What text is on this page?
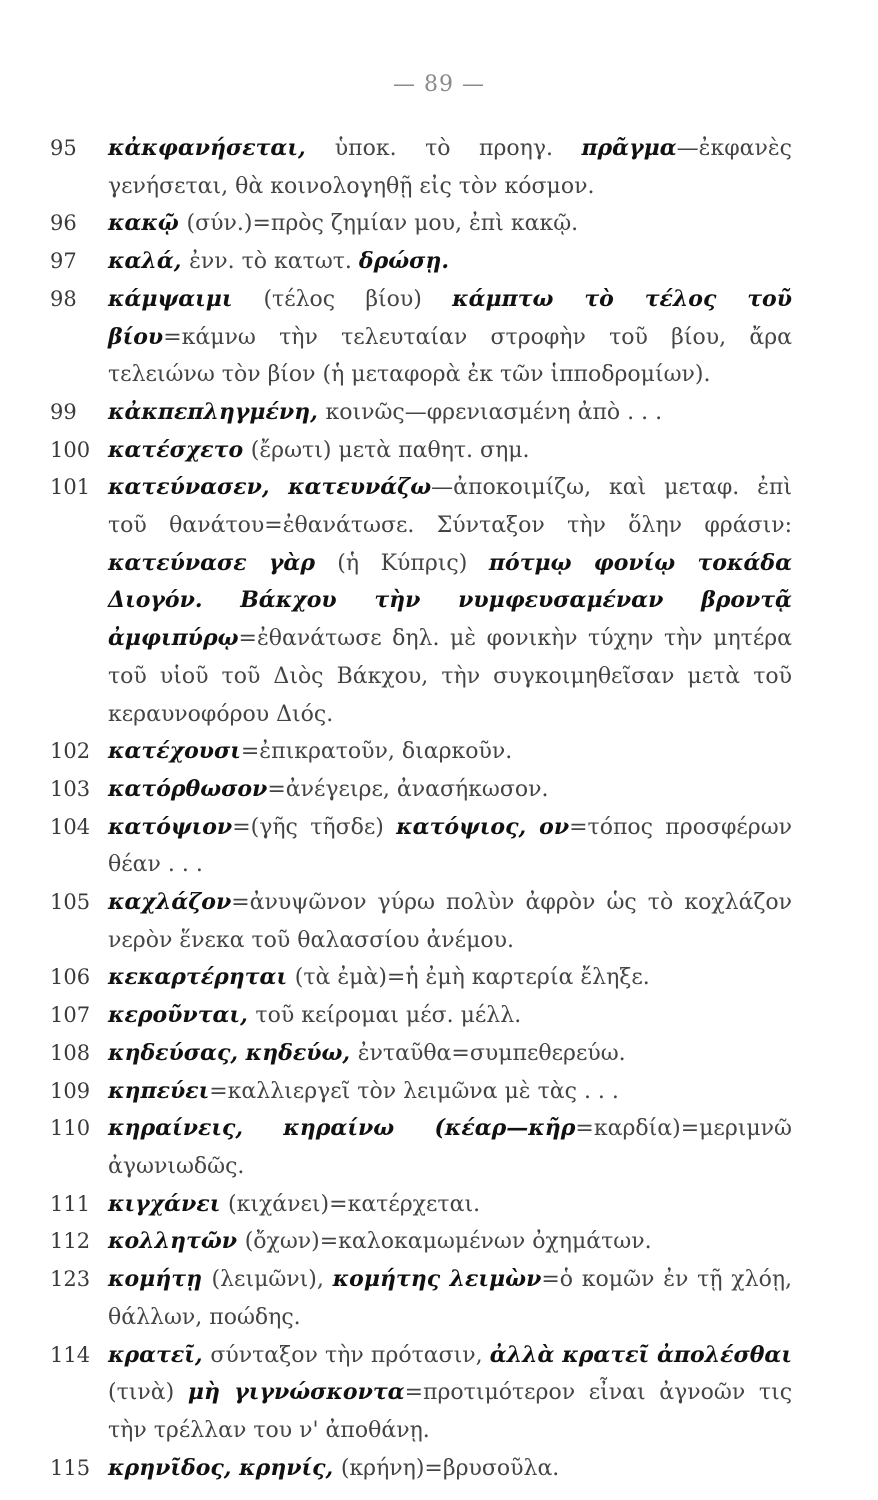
— 89 —
95	κἀκφανήσεται, ὑποκ. τὸ προηγ. πρᾶγμα—ἐκφανὲς γενήσεται, θὰ κοινολογηθῇ εἰς τὸν κόσμον.
96	κακῷ (σύν.)=πρὸς ζημίαν μου, ἐπὶ κακῷ.
97	καλά, ἐνν. τὸ κατωτ. δρώσῃ.
98	κάμψαιμι (τέλος βίου) κάμπτω τὸ τέλος τοῦ βίου=κάμνω τὴν τελευταίαν στροφὴν τοῦ βίου, ἄρα τελειώνω τὸν βίον (ἡ μεταφορὰ ἐκ τῶν ἱπποδρομίων).
99	κἀκπεπληγμένη, κοινῶς—φρενιασμένη ἀπὸ . . .
100 κατέσχετο (ἔρωτι) μετὰ παθητ. σημ.
101 κατεύνασεν, κατευνάζω—ἀποκοιμίζω, καὶ μεταφ. ἐπὶ τοῦ θανάτου=ἐθανάτωσε. Σύνταξον τὴν ὅλην φράσιν: κατεύνασε γὰρ (ἡ Κύπρις) πότμῳ φονίῳ τοκάδα Διογόν. Βάκχου τὴν νυμφευσαμέναν βροντᾷ ἀμφιπύρῳ=ἐθανάτωσε δηλ. μὲ φονικὴν τύχην τὴν μητέρα τοῦ υἱοῦ τοῦ Διὸς Βάκχου, τὴν συγκοιμηθεῖσαν μετὰ τοῦ κεραυνοφόρου Διός.
102 κατέχουσι=ἐπικρατοῦν, διαρκοῦν.
103 κατόρθωσον=ἀνέγειρε, ἀνασήκωσον.
104 κατόψιον=(γῆς τῆσδε) κατόψιος, ον=τόπος προσφέρων θέαν . . .
105 καχλάζον=ἀνυψῶνον γύρω πολὺν ἀφρὸν ὡς τὸ κοχλάζον νερὸν ἕνεκα τοῦ θαλασσίου ἀνέμου.
106 κεκαρτέρηται (τὰ ἐμὰ)=ἡ ἐμὴ καρτερία ἔληξε.
107 κεροῦνται, τοῦ κείρομαι μέσ. μέλλ.
108 κηδεύσας, κηδεύω, ἐνταῦθα=συμπεθερεύω.
109 κηπεύει=καλλιεργεῖ τὸν λειμῶνα μὲ τὰς . . .
110 κηραίνεις, κηραίνω (κέαρ—κῆρ=καρδία)=μεριμνῶ ἀγωνιωδῶς.
111 κιγχάνει (κιχάνει)=κατέρχεται.
112 κολλητῶν (ὄχων)=καλοκαμωμένων ὀχημάτων.
123 κομήτῃ (λειμῶνι), κομήτης λειμὼν=ὁ κομῶν ἐν τῇ χλόῃ, θάλλων, ποώδης.
114 κρατεῖ, σύνταξον τὴν πρότασιν, ἀλλὰ κρατεῖ ἀπολέσθαι (τινὰ) μὴ γιγνώσκοντα=προτιμότερον εἶναι ἀγνοῶν τις τὴν τρέλλαν του ν' ἀποθάνῃ.
115 κρηνῖδος, κρηνίς, (κρήνη)=βρυσοῦλα.
